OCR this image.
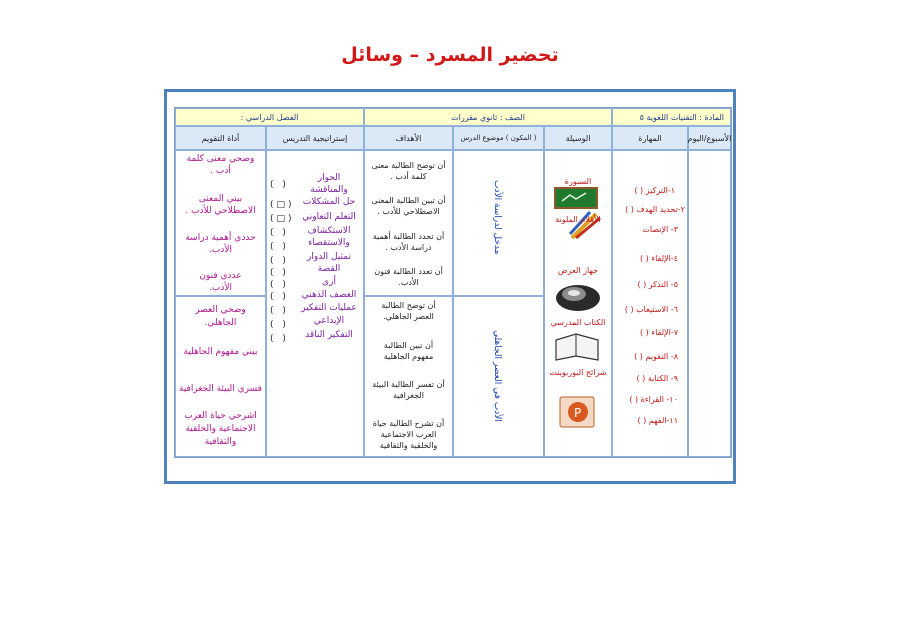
تحضير المسرد – وسائل
المادة : التقنيات اللغوية ٥
الصف : ثانوي مقررات
الفصل الدراسي :
الأسبوع/اليوم
المهارة
الوسيلة
( المكون ) موضوع الدرس
الأهداف
إستراتيجية التدريس
أداة التقويم
١-التركيز ( )
٢-تحديد الهدف ( )
٣- الإنصات
٤-الإلقاء ( )
٥- التذكر ( )
٦- الاستيعاب ( )
٧-الإلقاء ( )
٨- التقويم ( )
٩- الكتابة ( )
١٠- القراءة ( )
١١-الفهم ( )
السبورة
الأقلام الملونة
جهاز العرض
الكتاب المدرسي
شرائح البوربوينت
P
مدخل لدراسة الأدب
الأدب في العصر الجاهلي
أن توضح الطالبة معنى
كلمة أدب .
أن تبين الطالبة المعنى
الاصطلاحي للأدب .
أن تحدد الطالبة أهمية
دراسة الأدب .
أن تعدد الطالبة فنون
الأدب.
أن توضح الطالبة
العصر الجاهلي.
أن تبين الطالبة
مفهوم الجاهلية
أن تفسر الطالبة البيئة
الجغرافية
أن تشرح الطالبة حياة
العرب الاجتماعية
والخلقية والثقافية
الحوار
والمناقشة
حل المشكلات
التعلم التعاوني
الاستكشاف
والاستقصاء
تمثيل الدوار
القصة
أرى
العصف الذهني
عمليات التفكير
الإبداعي
التفكير الناقد
( )
(□)
(□)
( )
( )
( )
( )
( )
( )
( )
( )
( )
وضحي معنى كلمة
أدب .
بيني المعنى
الاصطلاحي للأدب .
حددي أهمية دراسة
الأدب.
عددي فنون
الأدب.
وضحي العصر
الجاهلي.
بيني مفهوم الجاهلية
فسري البيئة الجغرافية
اشرحي حياة العرب
الاجتماعية والخلقية
والثقافية
